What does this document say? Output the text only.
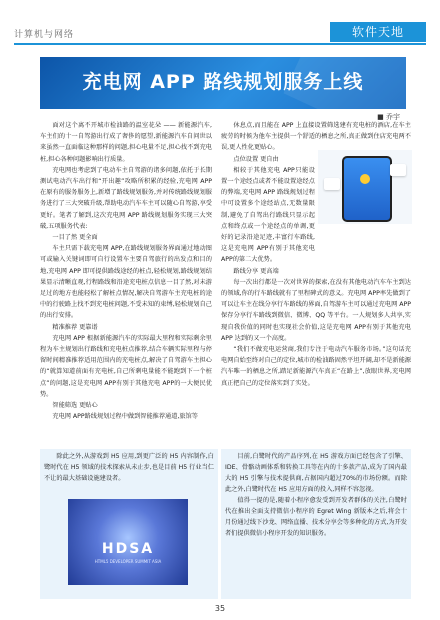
计算机与网络	软件天地
充电网 APP 路线规划服务上线
■ 乔宇

面对这个离不开城市检油路的温室花朵 —— 新能源汽车,车主们的十一自驾游出行成了奢侈的愿望,新能源汽车自问世以来虽然一直面临这种那样的问题,担心电量不足,担心找不到充电桩,担心各种问题影响出行质量。

充电网也考虑到了电动车主自驾游的诸多问题,依托于长期测试电动汽车出行和“开出趣”攻略所积累的经验,充电网 APP 在原有的服务服务上,新增了路线规划服务,并对传统路线规划服务进行了三大突破升级,帮助电动汽车车主可以随心自驾游,享受更好。笔者了解到,这次充电网 APP 路线规划服务实现三大突破,五项服务代表:

一目了然 更全面

车主只需下载充电网 APP,在路线规划服务界面通过地动图可或输入关键词即可自行设置车主要自驾旅行的出发点和目的地,充电网 APP 即可提供路线途经的桩点,轻松规划,路线规划结果显示清晰直观,行程路线和沿途充电桩点信息一目了然,对未游足过的地方也能轻松了解桩点情况,解决自驾游车主充电桩的途中的行驶路上找不到充电桩问题,不受未知的束缚,轻松规划自己的出行安排。

精准推荐 更靠谱

充电网 APP 根据新能源汽车的实际最大里程和实际剩余里程为车主规划出行路线和充电桩点推荐,结合车辆实际里程与停留时间精准推荐适用范围内的充电桩点,解决了自驾游车主担心的“就算知道前面有充电桩,自己所剩电量能不能跑到下一个桩点”的问题,这是充电网 APP有别于其他充电 APP的一大便民优势。

智能筛选 更贴心

充电网 APP路线规划过程中做到智能推荐通道,旅馆等

休息点,而且能在 APP 上直接设置筛选建有充电桩的酒店,在车主疲劳的时候为他车主提供一个舒适的栖息之所,真正做到住店充电两不误,更人性化更贴心。

点位设置 更自由

相较于其他充电 APP只能设置一个途经点或者不能设置途经点的弊端,充电网 APP 路线规划过程中可设置多个途经站点,无数量限制,避免了自驾出行路线只显示起点和终点或一个途经点的单调,更好的记录沿途足迹,丰富行车路线,这是充电网 APP有别于其他充电 APP的第二大优势。

路线分享 更高端

每一次出行都是一次对世界的探索,在没有其他电动汽车车主到达的领域,你的行车路线就有了里程碑式的意义。充电网 APP率先做到了可以让车主在线分享行车路线的界面,自驾游车主可以通过充电网 APP 保存分享行车路线到微信、微博、QQ 等平台。一人规划多人共享,实现自我价值的同时也实现社会价值,这是充电网 APP有别于其他充电 APP 达到的又一个高度。

“我们不做充电运营商,我们专注于电动汽车服务市场。”这句话充电网自始至终对自己的定位,城市的检油路固然平坦开阔,却不是新能源汽车唯一的栖息之所,踏足新能源汽车真正“在路上”,放眼世界,充电网真正把自己的定位落实到了实处。

除此之外,从游戏到 H5 应用,到更广泛的 H5 内容制作,白鹭时代在 H5 领域的技术探索从未止步,也是目前 H5 行业当仁不让的最大基础设施建设者。

HDSA
HTML5 DEVELOPER SUMMIT ASIA

目前,白鹭时代的产品序列,在 H5 游戏方面已经包含了引擎、IDE、骨骼动画体系和转换工具等在内的十多款产品,成为了国内最大的 H5 引擎与技术提供商,占据国内超过70%的市场份额。而除此之外,白鹭时代在 H5 应用方面的投入,同样不容忽视。

值得一提的是,随着小程序愈发受到开发者群体的关注,白鹭时代在推出全面支持微信小程序的 Egret Wing 新版本之后,将会十月份通过线下沙龙、网络直播、技术分享会等多种化的方式,为开发者们提供微信小程序开发的知识服务。

35
